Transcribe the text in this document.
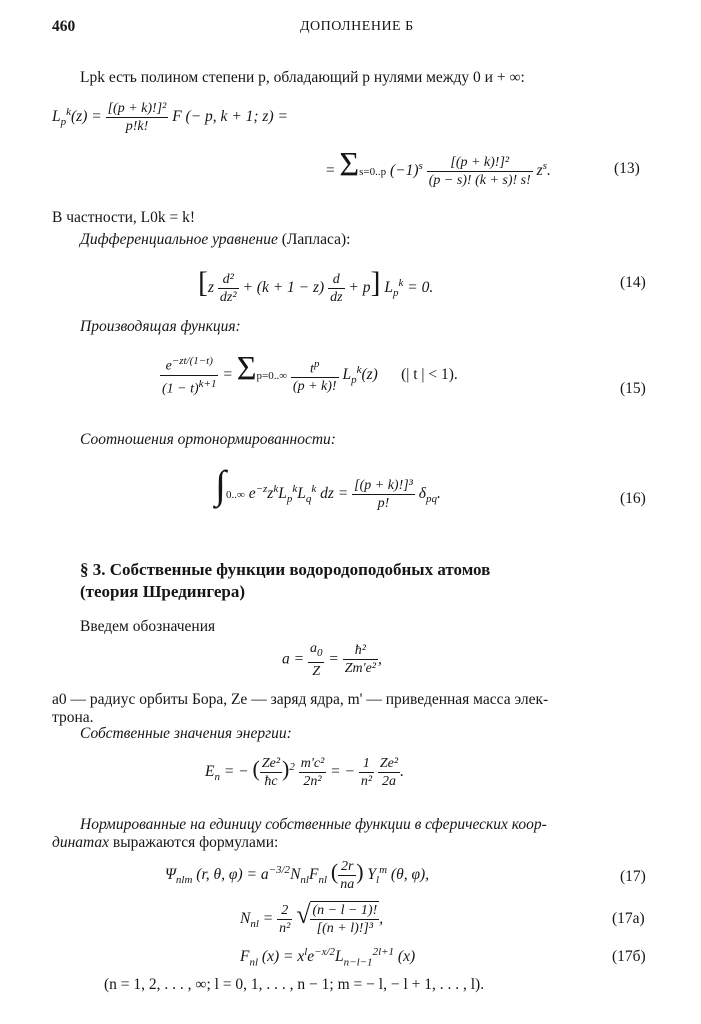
460	ДОПОЛНЕНИЕ Б
Lpk есть полином степени p, обладающий p нулями между 0 и + ∞:
$L_p^k(z) = \frac{\text{[(p + k)!]²}}{p!k!}$ F (− p, k + 1; z) =
= Σs=0..p $(-1)^s \frac{\text{[(p + k)!]²}}{(p - s)! (k + s)! s!} z^s$.	(13)
В частности, L0k = k!
Дифференциальное уравнение (Лапласа):
$[z \frac{\text{d²}}{\text{dz²}} + (k + 1 - z) \frac{d}{dz} + p]$ $L_p^k = 0$.	(14)
Производящая функция:
$\frac{e^{-zt/(1-t)}}{(1 - t)^{k+1}} = \Sigma p=0..\infty \frac{t^p}{(p + k)!} L_p^k(z)$      (| t | < 1).
(15)
Соотношения ортонормированности:
∫0..∞ $e^{-z}z^kL_p^kL_q^k$ dz = $\frac{\text{[(p + k)!]³}}{p!} \delta_{pq}$.	(16)
§ 3. Собственные функции водородоподобных атомов
(теория Шредингера)
Введем обозначения
$a = \frac{a_0}{Z} = \frac{\text{ħ²}}{\text{Zm'e²}}$ ,
a0 — радиус орбиты Бора, Ze — заряд ядра, m' — приведенная масса элек-
трона.
Собственные значения энергии:
$E_n$ = − ( $\frac{\text{Ze²}}{ħc} )^2 \frac{\text{m'c²}}{\text{2n²}}$ = − $\frac{1}{\text{n²}}$
$\frac{\text{Ze²}}{2a}$ .
Нормированные на единицу собственные функции в сферических коор-
динатах выражаются формулами:
$\Psi_{nlm}$ (r, θ, $\varphi) = a^{-3/2}N_{nl}F_{nl}$ ( $\frac{2r}{na}$ ) $Y_l^m$ (θ, φ),	(17)
$N_{nl} = \frac{2}{\text{n²}}$ √ $\frac{(n - l - 1)!}{\text{[(n + l)!]³}}$ ,	(17а)
$F_{nl}$ $(x) = x^le^{-x/2}L_{n-l-1}^{2l+1}$ (x)	(17б)
(n = 1, 2, . . . , ∞; l = 0, 1, . . . , n − 1; m = − l, − l + 1, . . . , l).
